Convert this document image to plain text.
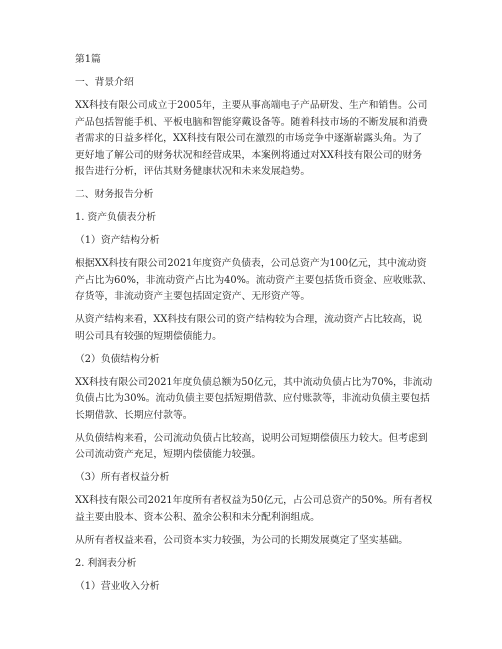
第1篇
一、背景介绍
XX科技有限公司成立于2005年，主要从事高端电子产品研发、生产和销售。公司
产品包括智能手机、平板电脑和智能穿戴设备等。随着科技市场的不断发展和消费
者需求的日益多样化，XX科技有限公司在激烈的市场竞争中逐渐崭露头角。为了
更好地了解公司的财务状况和经营成果，本案例将通过对XX科技有限公司的财务
报告进行分析，评估其财务健康状况和未来发展趋势。
二、财务报告分析
1. 资产负债表分析
（1）资产结构分析
根据XX科技有限公司2021年度资产负债表，公司总资产为100亿元，其中流动资
产占比为60%，非流动资产占比为40%。流动资产主要包括货币资金、应收账款、
存货等，非流动资产主要包括固定资产、无形资产等。
从资产结构来看，XX科技有限公司的资产结构较为合理，流动资产占比较高，说
明公司具有较强的短期偿债能力。
（2）负债结构分析
XX科技有限公司2021年度负债总额为50亿元，其中流动负债占比为70%，非流动
负债占比为30%。流动负债主要包括短期借款、应付账款等，非流动负债主要包括
长期借款、长期应付款等。
从负债结构来看，公司流动负债占比较高，说明公司短期偿债压力较大。但考虑到
公司流动资产充足，短期内偿债能力较强。
（3）所有者权益分析
XX科技有限公司2021年度所有者权益为50亿元，占公司总资产的50%。所有者权
益主要由股本、资本公积、盈余公积和未分配利润组成。
从所有者权益来看，公司资本实力较强，为公司的长期发展奠定了坚实基础。
2. 利润表分析
（1）营业收入分析
